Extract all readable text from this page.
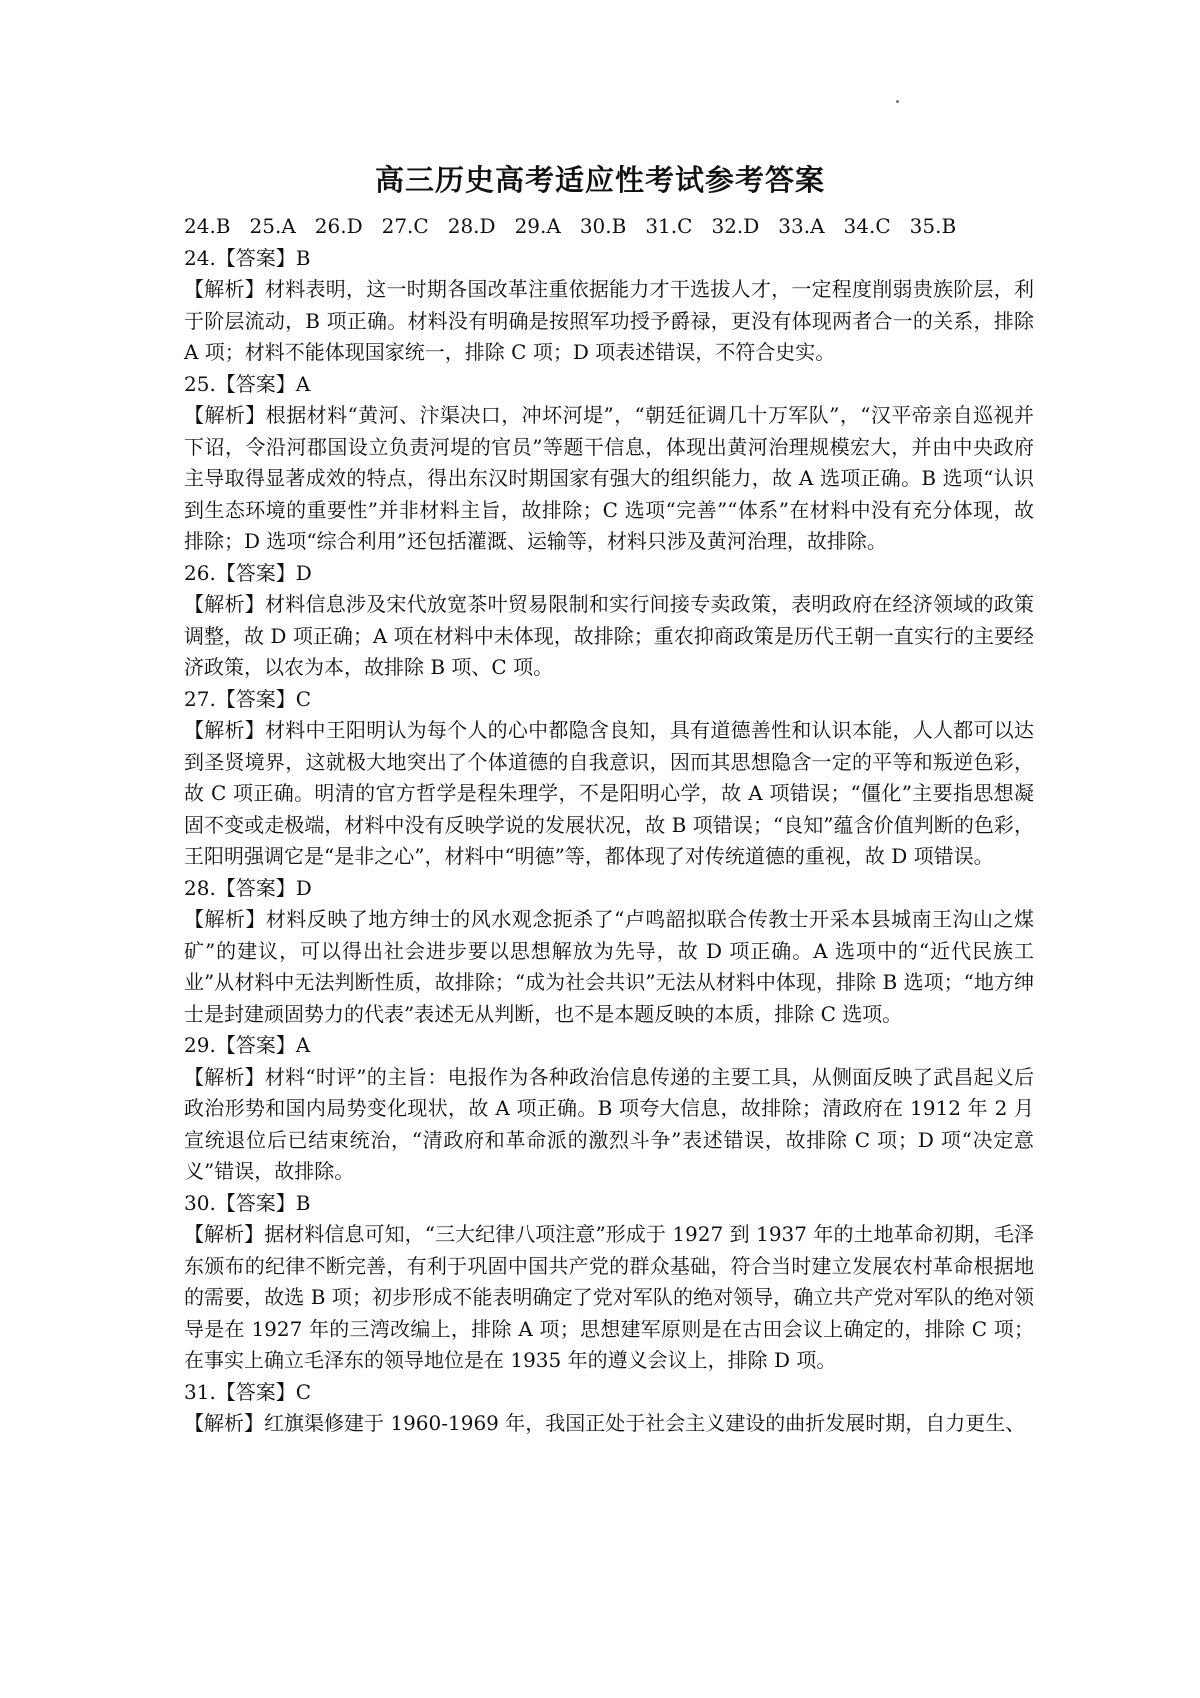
高三历史高考适应性考试参考答案

24.B 25.A 26.D 27.C 28.D 29.A 30.B 31.C 32.D 33.A 34.C 35.B

24.【答案】B

【解析】材料表明，这一时期各国改革注重依据能力才干选拔人才，一定程度削弱贵族阶层，利于阶层流动，B 项正确。材料没有明确是按照军功授予爵禄，更没有体现两者合一的关系，排除 A 项；材料不能体现国家统一，排除 C 项；D 项表述错误，不符合史实。

25.【答案】A

【解析】根据材料“黄河、汴渠决口，冲坏河堤”，“朝廷征调几十万军队”，“汉平帝亲自巡视并下诏，令沿河郡国设立负责河堤的官员”等题干信息，体现出黄河治理规模宏大，并由中央政府主导取得显著成效的特点，得出东汉时期国家有强大的组织能力，故 A 选项正确。B 选项“认识到生态环境的重要性”并非材料主旨，故排除；C 选项“完善”“体系”在材料中没有充分体现，故排除；D 选项“综合利用”还包括灌溉、运输等，材料只涉及黄河治理，故排除。

26.【答案】D

【解析】材料信息涉及宋代放宽茶叶贸易限制和实行间接专卖政策，表明政府在经济领域的政策调整，故 D 项正确；A 项在材料中未体现，故排除；重农抑商政策是历代王朝一直实行的主要经济政策，以农为本，故排除 B 项、C 项。

27.【答案】C

【解析】材料中王阳明认为每个人的心中都隐含良知，具有道德善性和认识本能，人人都可以达到圣贤境界，这就极大地突出了个体道德的自我意识，因而其思想隐含一定的平等和叛逆色彩，故 C 项正确。明清的官方哲学是程朱理学，不是阳明心学，故 A 项错误；“僵化”主要指思想凝固不变或走极端，材料中没有反映学说的发展状况，故 B 项错误；“良知”蕴含价值判断的色彩，王阳明强调它是“是非之心”，材料中“明德”等，都体现了对传统道德的重视，故 D 项错误。

28.【答案】D

【解析】材料反映了地方绅士的风水观念扼杀了“卢鸣韶拟联合传教士开采本县城南王沟山之煤矿”的建议，可以得出社会进步要以思想解放为先导，故 D 项正确。A 选项中的“近代民族工业”从材料中无法判断性质，故排除；“成为社会共识”无法从材料中体现，排除 B 选项；“地方绅士是封建顽固势力的代表”表述无从判断，也不是本题反映的本质，排除 C 选项。

29.【答案】A

【解析】材料“时评”的主旨：电报作为各种政治信息传递的主要工具，从侧面反映了武昌起义后政治形势和国内局势变化现状，故 A 项正确。B 项夸大信息，故排除；清政府在 1912 年 2 月宣统退位后已结束统治，“清政府和革命派的激烈斗争”表述错误，故排除 C 项；D 项“决定意义”错误，故排除。

30.【答案】B

【解析】据材料信息可知，“三大纪律八项注意”形成于 1927 到 1937 年的土地革命初期，毛泽东颁布的纪律不断完善，有利于巩固中国共产党的群众基础，符合当时建立发展农村革命根据地的需要，故选 B 项；初步形成不能表明确定了党对军队的绝对领导，确立共产党对军队的绝对领导是在 1927 年的三湾改编上，排除 A 项；思想建军原则是在古田会议上确定的，排除 C 项；在事实上确立毛泽东的领导地位是在 1935 年的遵义会议上，排除 D 项。

31.【答案】C

【解析】红旗渠修建于 1960-1969 年，我国正处于社会主义建设的曲折发展时期，自力更生、
